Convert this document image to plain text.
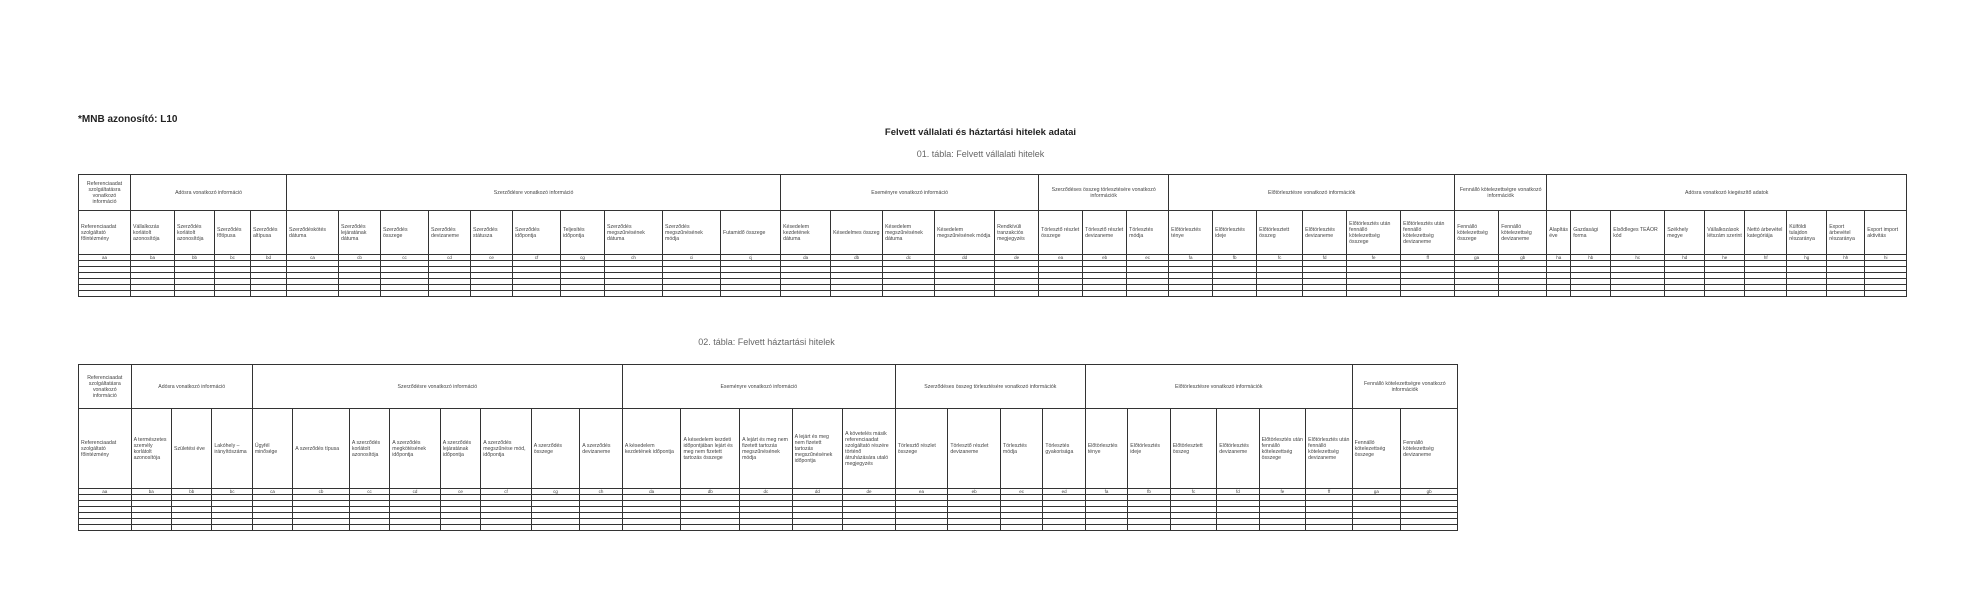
*MNB azonosító: L10
Felvett vállalati és háztartási hitelek adatai
01. tábla: Felvett vállalati hitelek
Referenciaadat szolgáltatásra vonatkozó információ	Adósra vonatkozó információ				Szerződésre vonatkozó információ										Eseményre vonatkozó információ					Szerződéses összeg törlesztésére vonatkozó információk			Előtörlesztésre vonatkozó információk						Fennálló kötelezettségre vonatkozó információk		Adósra vonatkozó kiegészítő adatok								
Referenciaadat szolgáltató főintézmény	Vállalkozás korlátolt azonosítója	Szerződés korlátolt azonosítója	Szerződés főtípusa	Szerződés altípusa	Szerződéskötés dátuma	Szerződés lejáratának dátuma	Szerződés összege	Szerződés devizaneme	Szerződés státusza	Szerződés időpontja	Teljesítés időpontja	Szerződés megszűnésének dátuma	Szerződés megszűnésének módja	Futamidő összege	Késedelem kezdetének dátuma	Késedelmes összeg	Késedelem megszűnésének dátuma	Késedelem megszűnésének módja	Rendkívüli tranzakciós megjegyzés	Törlesztő részlet összege	Törlesztő részlet devizaneme	Törlesztés módja	Előtörlesztés ténye	Előtörlesztés ideje	Előtörlesztett összeg	Előtörlesztés devizaneme	Előtörlesztés után fennálló kötelezettség összege	Előtörlesztés után fennálló kötelezettség devizaneme	Fennálló kötelezettség összege	Fennálló kötelezettség devizaneme	Alapítás éve	Gazdasági forma	Elsődleges TEÁOR kód	Székhely megye	Vállalkozások létszám szerint	Nettó árbevétel kategóriája	Külföldi tulajdon részaránya	Export árbevétel részaránya	Export import aktivitás
aa	ba	bb	bc	bd	ca	cb	cc	cd	ce	cf	cg	ch	ci	cj	da	db	dc	dd	de	ea	eb	ec	fa	fb	fc	fd	fe	ff	ga	gb	ha	hb	hc	hd	he	hf	hg	hh	hi

02. tábla: Felvett háztartási hitelek
Referenciaadat szolgáltatásra vonatkozó információ	Adósra vonatkozó információ			Szerződésre vonatkozó információ								Eseményre vonatkozó információ					Szerződéses összeg törlesztésére vonatkozó információk				Előtörlesztésre vonatkozó információk						Fennálló kötelezettségre vonatkozó információk	
Referenciaadat szolgáltató főintézmény	A természetes személy korlátolt azonosítója	Születési éve	Lakóhely – irányítószáma	Ügyfél minősége	A szerződés típusa	A szerződés korlátolt azonosítója	A szerződés megkötésének időpontja	A szerződés lejáratának időpontja	A szerződés megszűnése mód, időpontja	A szerződés összege	A szerződés devizaneme	A késedelem kezdetének időpontja	A késedelem kezdeti időpontjában lejárt és meg nem fizetett tartozás összege	A lejárt és meg nem fizetett tartozás megszűnésének módja	A lejárt és meg nem fizetett tartozás megszűnésének időpontja	A követelés másik referenciaadat szolgáltató részére történő átruházására utaló megjegyzés	Törlesztő részlet összege	Törlesztő részlet devizaneme	Törlesztés módja	Törlesztés gyakorisága	Előtörlesztés ténye	Előtörlesztés ideje	Előtörlesztett összeg	Előtörlesztés devizaneme	Előtörlesztés után fennálló kötelezettség összege	Előtörlesztés után fennálló kötelezettség devizaneme	Fennálló kötelezettség összege	Fennálló kötelezettség devizaneme
aa	ba	bb	bc	ca	cb	cc	cd	ce	cf	cg	ch	da	db	dc	dd	de	ea	eb	ec	ed	fa	fb	fc	fd	fe	ff	ga	gb
